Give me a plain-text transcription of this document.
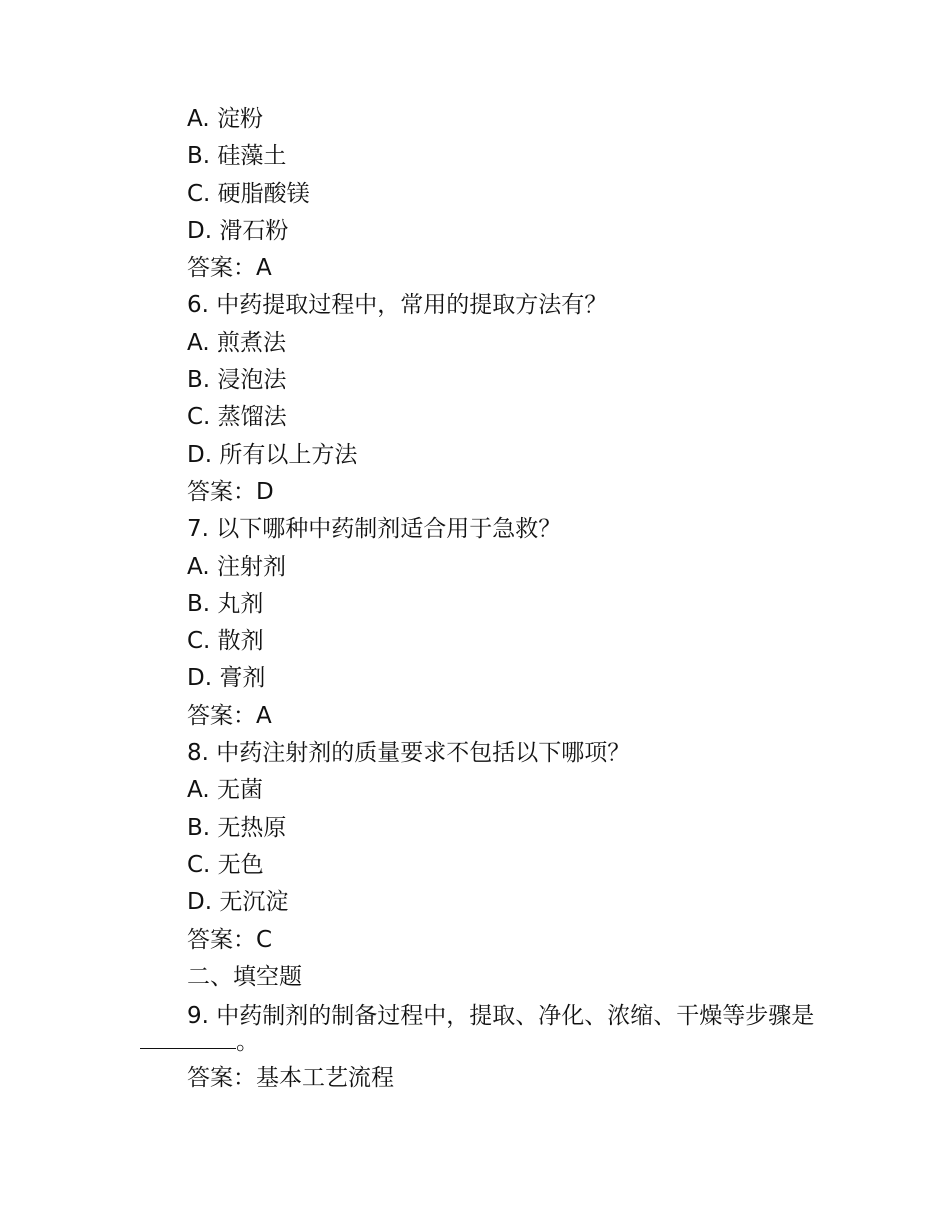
A. 淀粉
B. 硅藻土
C. 硬脂酸镁
D. 滑石粉
答案：A
6. 中药提取过程中，常用的提取方法有？
A. 煎煮法
B. 浸泡法
C. 蒸馏法
D. 所有以上方法
答案：D
7. 以下哪种中药制剂适合用于急救？
A. 注射剂
B. 丸剂
C. 散剂
D. 膏剂
答案：A
8. 中药注射剂的质量要求不包括以下哪项？
A. 无菌
B. 无热原
C. 无色
D. 无沉淀
答案：C
二、填空题
9. 中药制剂的制备过程中，提取、净化、浓缩、干燥等步骤是。
答案：基本工艺流程
